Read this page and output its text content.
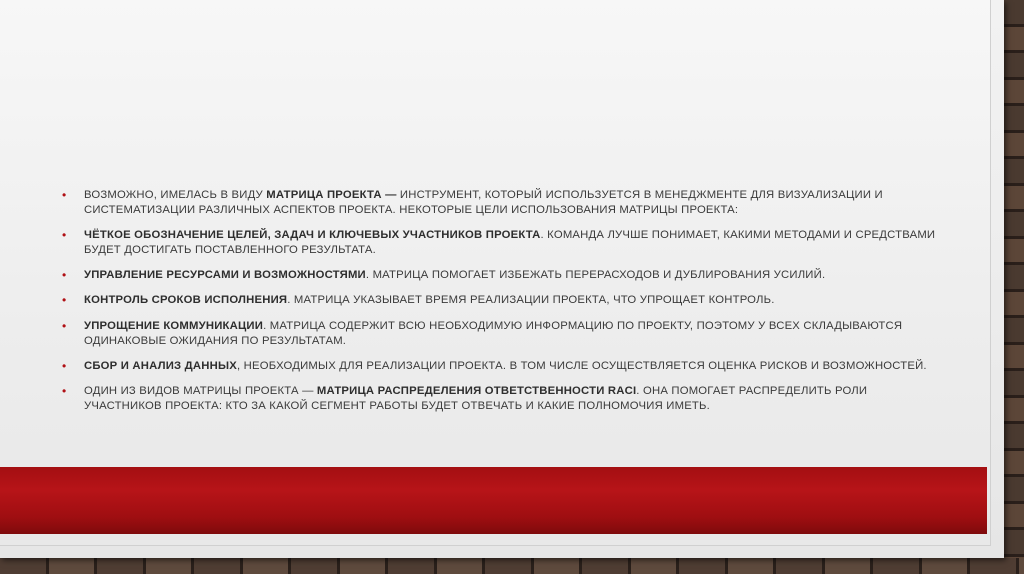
• ВОЗМОЖНО, ИМЕЛАСЬ В ВИДУ МАТРИЦА ПРОЕКТА — ИНСТРУМЕНТ, КОТОРЫЙ ИСПОЛЬЗУЕТСЯ В МЕНЕДЖМЕНТЕ ДЛЯ ВИЗУАЛИЗАЦИИ И СИСТЕМАТИЗАЦИИ РАЗЛИЧНЫХ АСПЕКТОВ ПРОЕКТА. НЕКОТОРЫЕ ЦЕЛИ ИСПОЛЬЗОВАНИЯ МАТРИЦЫ ПРОЕКТА:
• ЧЁТКОЕ ОБОЗНАЧЕНИЕ ЦЕЛЕЙ, ЗАДАЧ И КЛЮЧЕВЫХ УЧАСТНИКОВ ПРОЕКТА. КОМАНДА ЛУЧШЕ ПОНИМАЕТ, КАКИМИ МЕТОДАМИ И СРЕДСТВАМИ БУДЕТ ДОСТИГАТЬ ПОСТАВЛЕННОГО РЕЗУЛЬТАТА.
• УПРАВЛЕНИЕ РЕСУРСАМИ И ВОЗМОЖНОСТЯМИ. МАТРИЦА ПОМОГАЕТ ИЗБЕЖАТЬ ПЕРЕРАСХОДОВ И ДУБЛИРОВАНИЯ УСИЛИЙ.
• КОНТРОЛЬ СРОКОВ ИСПОЛНЕНИЯ. МАТРИЦА УКАЗЫВАЕТ ВРЕМЯ РЕАЛИЗАЦИИ ПРОЕКТА, ЧТО УПРОЩАЕТ КОНТРОЛЬ.
• УПРОЩЕНИЕ КОММУНИКАЦИИ. МАТРИЦА СОДЕРЖИТ ВСЮ НЕОБХОДИМУЮ ИНФОРМАЦИЮ ПО ПРОЕКТУ, ПОЭТОМУ У ВСЕХ СКЛАДЫВАЮТСЯ ОДИНАКОВЫЕ ОЖИДАНИЯ ПО РЕЗУЛЬТАТАМ.
• СБОР И АНАЛИЗ ДАННЫХ, НЕОБХОДИМЫХ ДЛЯ РЕАЛИЗАЦИИ ПРОЕКТА. В ТОМ ЧИСЛЕ ОСУЩЕСТВЛЯЕТСЯ ОЦЕНКА РИСКОВ И ВОЗМОЖНОСТЕЙ.
• ОДИН ИЗ ВИДОВ МАТРИЦЫ ПРОЕКТА — МАТРИЦА РАСПРЕДЕЛЕНИЯ ОТВЕТСТВЕННОСТИ RACI. ОНА ПОМОГАЕТ РАСПРЕДЕЛИТЬ РОЛИ УЧАСТНИКОВ ПРОЕКТА: КТО ЗА КАКОЙ СЕГМЕНТ РАБОТЫ БУДЕТ ОТВЕЧАТЬ И КАКИЕ ПОЛНОМОЧИЯ ИМЕТЬ.
